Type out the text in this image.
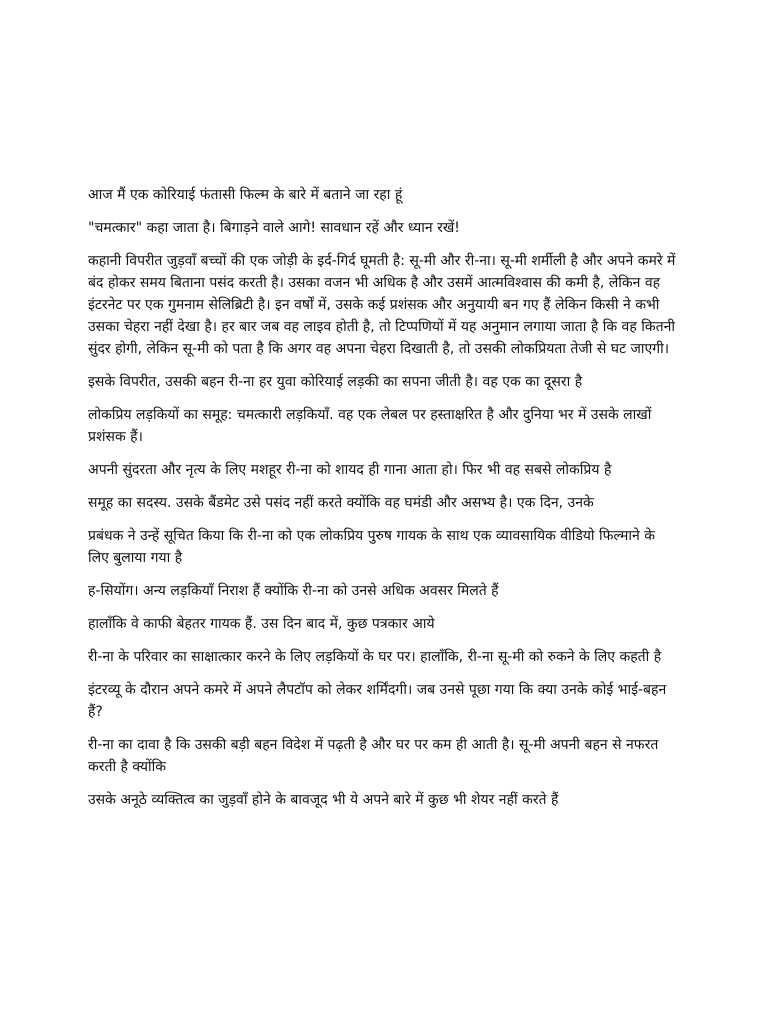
आज मैं एक कोरियाई फंतासी फिल्म के बारे में बताने जा रहा हूं

"चमत्कार" कहा जाता है। बिगाड़ने वाले आगे! सावधान रहें और ध्यान रखें!

कहानी विपरीत जुड़वाँ बच्चों की एक जोड़ी के इर्द-गिर्द घूमती है: सू-मी और री-ना। सू-मी शर्मीली है और अपने कमरे में बंद होकर समय बिताना पसंद करती है। उसका वजन भी अधिक है और उसमें आत्मविश्वास की कमी है, लेकिन वह इंटरनेट पर एक गुमनाम सेलिब्रिटी है। इन वर्षों में, उसके कई प्रशंसक और अनुयायी बन गए हैं लेकिन किसी ने कभी उसका चेहरा नहीं देखा है। हर बार जब वह लाइव होती है, तो टिप्पणियों में यह अनुमान लगाया जाता है कि वह कितनी सुंदर होगी, लेकिन सू-मी को पता है कि अगर वह अपना चेहरा दिखाती है, तो उसकी लोकप्रियता तेजी से घट जाएगी।

इसके विपरीत, उसकी बहन री-ना हर युवा कोरियाई लड़की का सपना जीती है। वह एक का दूसरा है

लोकप्रिय लड़कियों का समूह: चमत्कारी लड़कियाँ. वह एक लेबल पर हस्ताक्षरित है और दुनिया भर में उसके लाखों प्रशंसक हैं।

अपनी सुंदरता और नृत्य के लिए मशहूर री-ना को शायद ही गाना आता हो। फिर भी वह सबसे लोकप्रिय है

समूह का सदस्य. उसके बैंडमेट उसे पसंद नहीं करते क्योंकि वह घमंडी और असभ्य है। एक दिन, उनके

प्रबंधक ने उन्हें सूचित किया कि री-ना को एक लोकप्रिय पुरुष गायक के साथ एक व्यावसायिक वीडियो फिल्माने के लिए बुलाया गया है

ह-सियोंग। अन्य लड़कियाँ निराश हैं क्योंकि री-ना को उनसे अधिक अवसर मिलते हैं

हालाँकि वे काफी बेहतर गायक हैं. उस दिन बाद में, कुछ पत्रकार आये

री-ना के परिवार का साक्षात्कार करने के लिए लड़कियों के घर पर। हालाँकि, री-ना सू-मी को रुकने के लिए कहती है

इंटरव्यू के दौरान अपने कमरे में अपने लैपटॉप को लेकर शर्मिंदगी। जब उनसे पूछा गया कि क्या उनके कोई भाई-बहन हैं?

री-ना का दावा है कि उसकी बड़ी बहन विदेश में पढ़ती है और घर पर कम ही आती है। सू-मी अपनी बहन से नफरत करती है क्योंकि

उसके अनूठे व्यक्तित्व का जुड़वाँ होने के बावजूद भी ये अपने बारे में कुछ भी शेयर नहीं करते हैं
